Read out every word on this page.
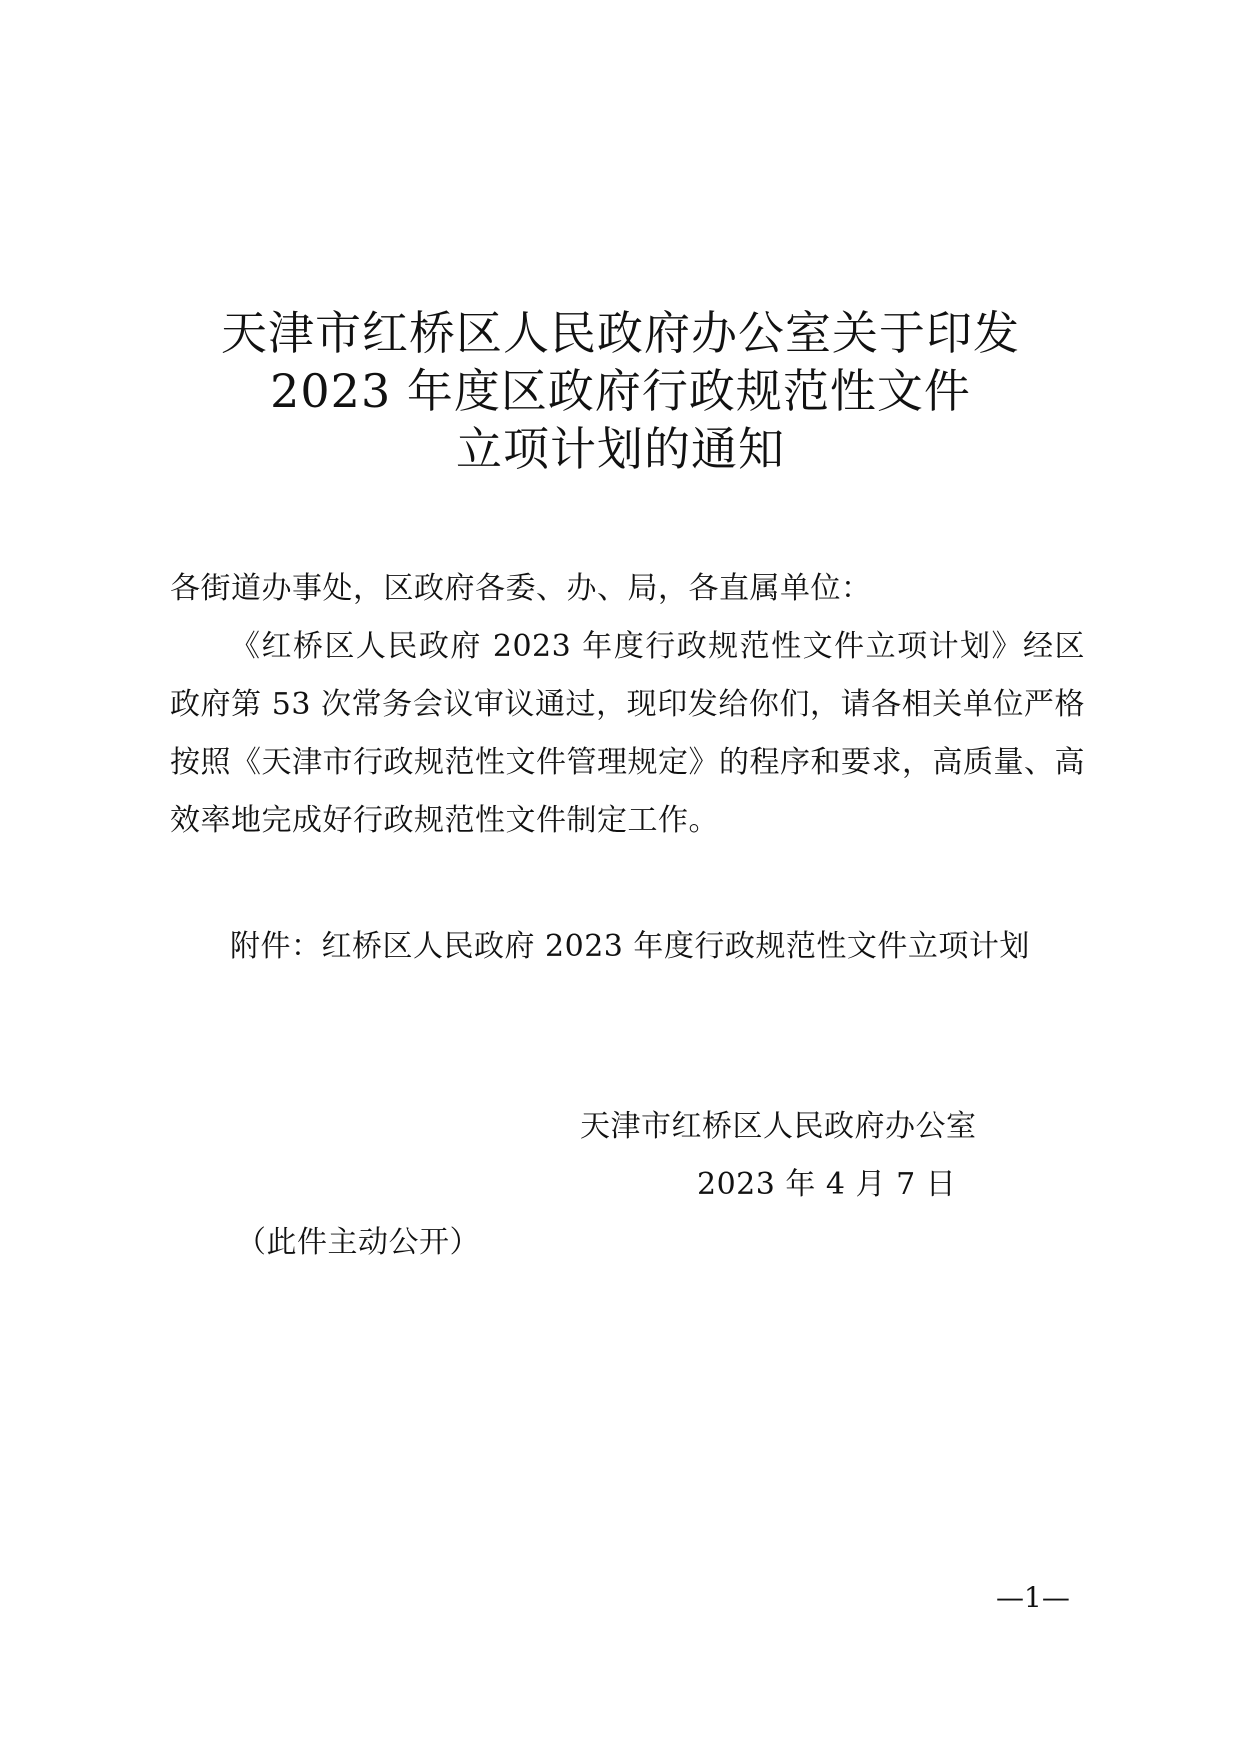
天津市红桥区人民政府办公室关于印发
2023 年度区政府行政规范性文件
立项计划的通知
各街道办事处，区政府各委、办、局，各直属单位：
《红桥区人民政府 2023 年度行政规范性文件立项计划》经区政府第 53 次常务会议审议通过，现印发给你们，请各相关单位严格按照《天津市行政规范性文件管理规定》的程序和要求，高质量、高效率地完成好行政规范性文件制定工作。
附件：红桥区人民政府 2023 年度行政规范性文件立项计划
天津市红桥区人民政府办公室
2023 年 4 月 7 日
（此件主动公开）
—1—
